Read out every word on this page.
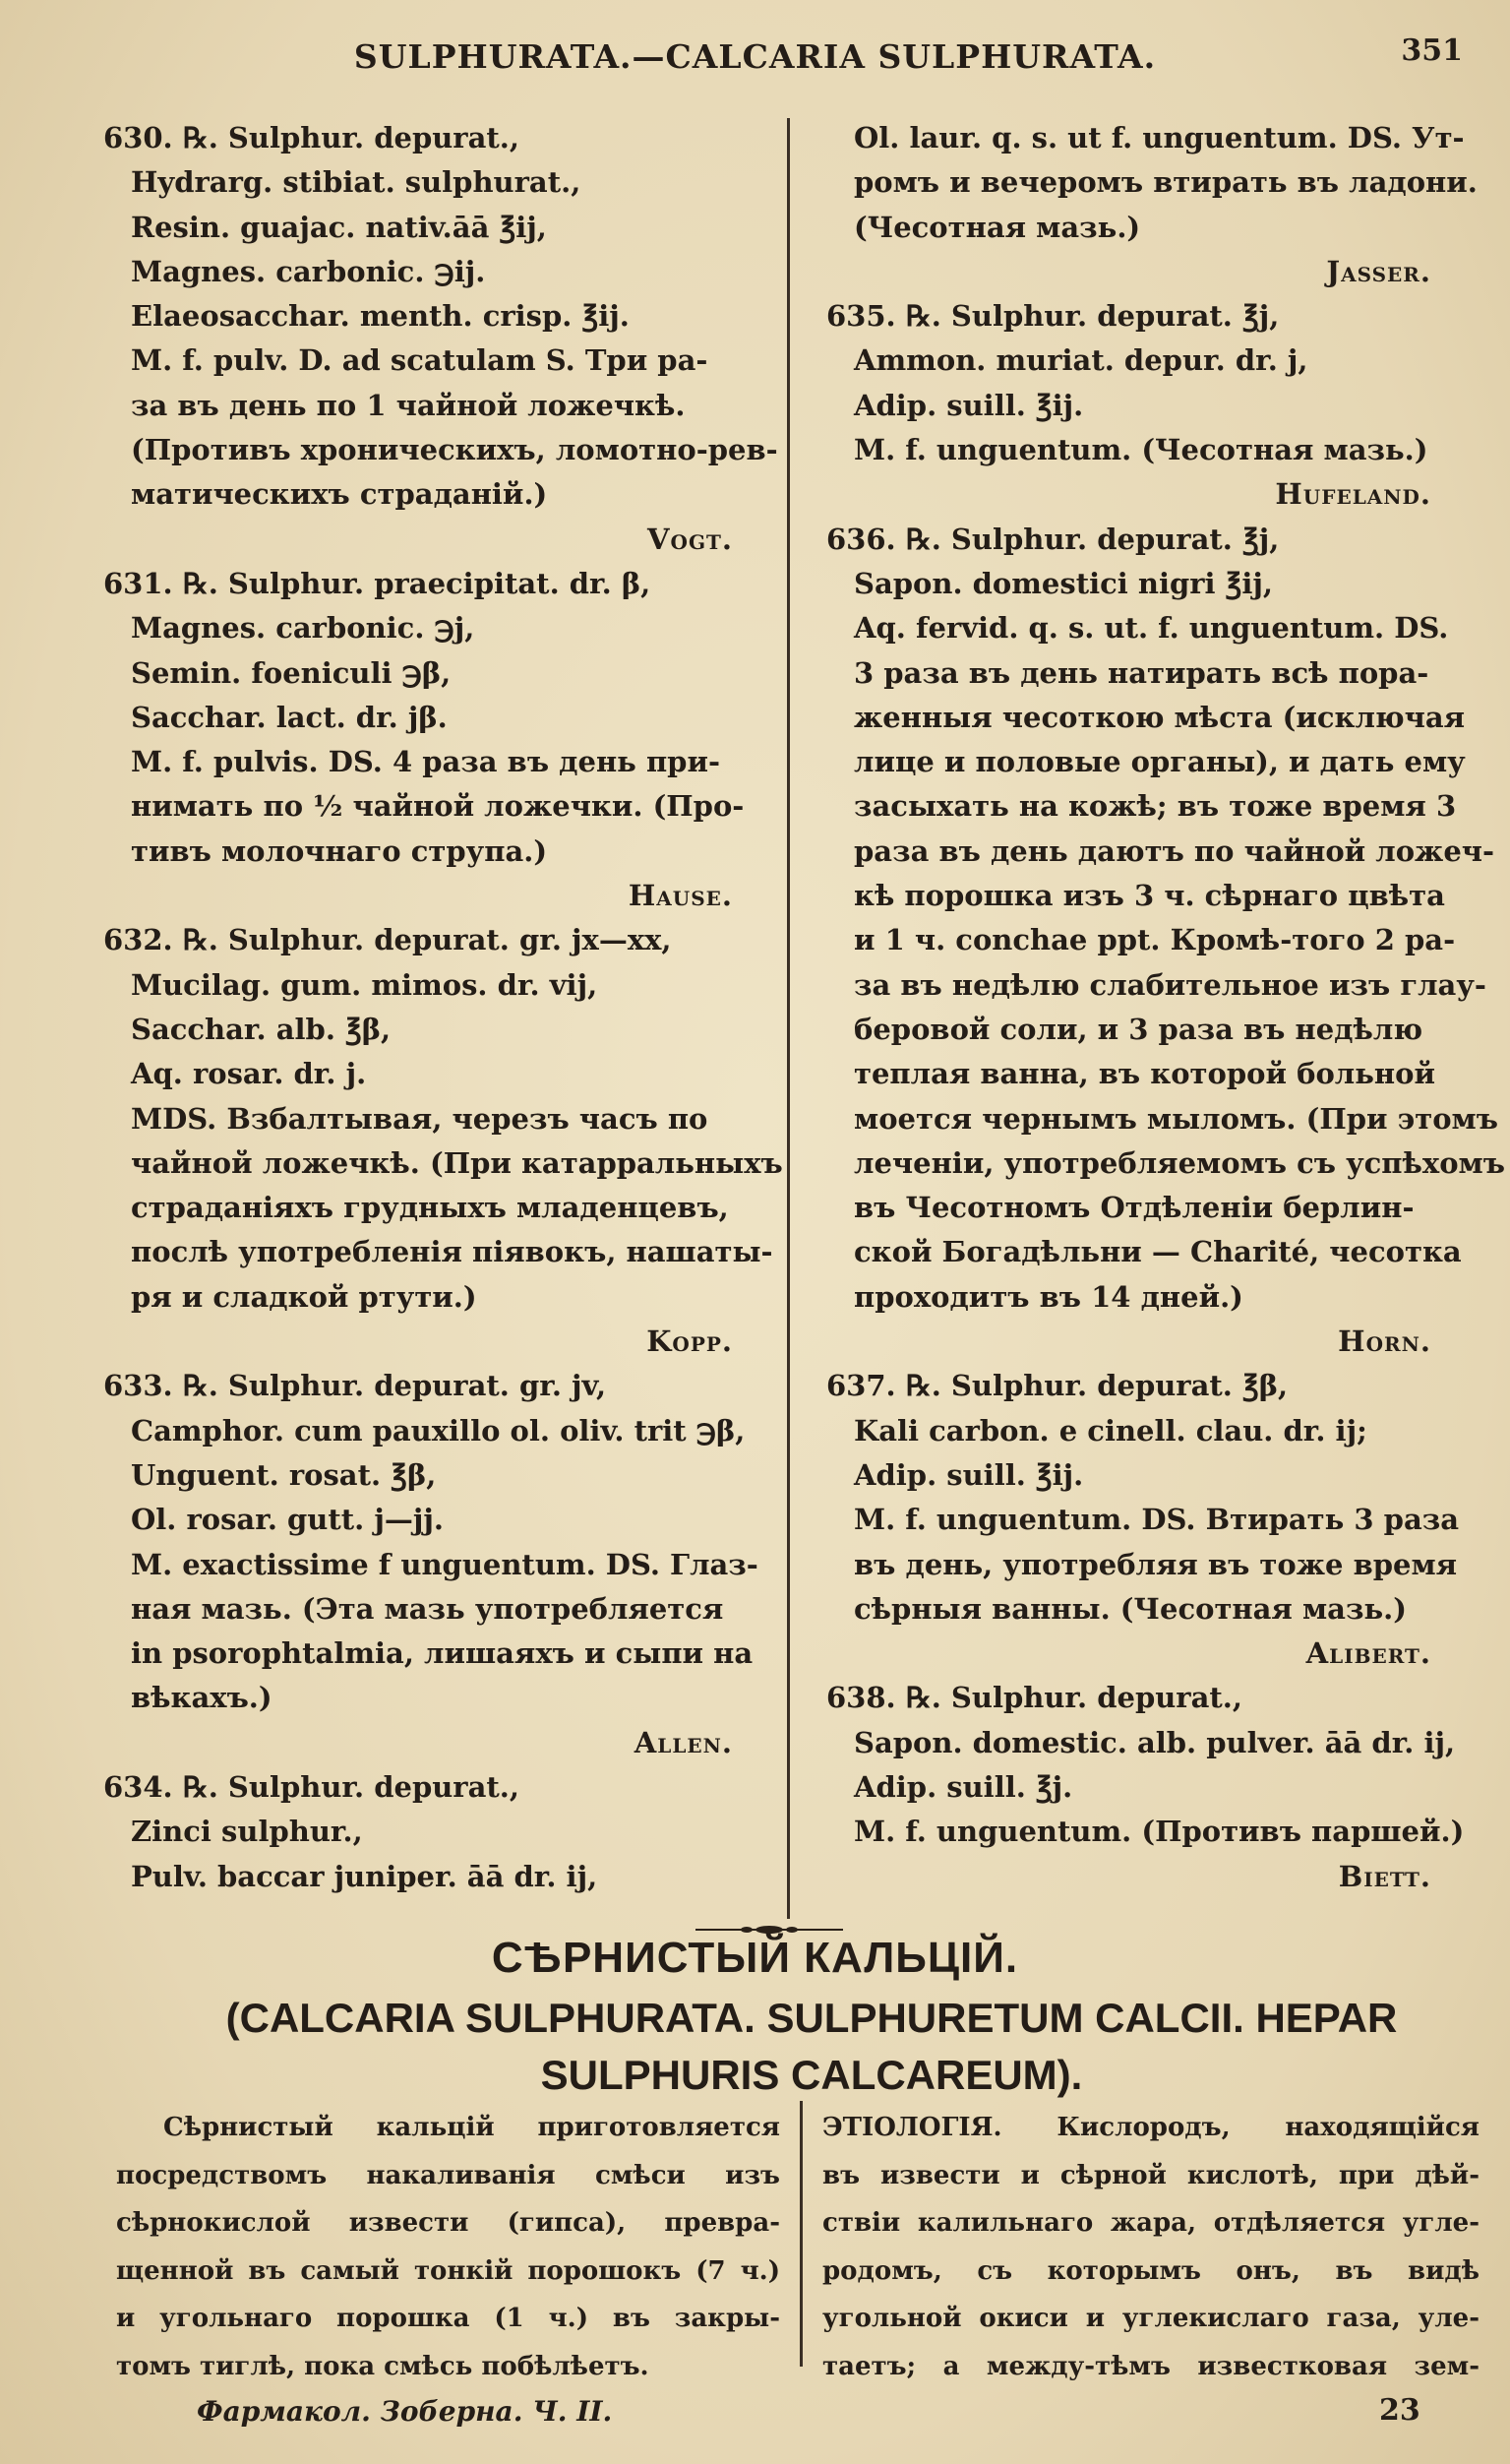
SULPHURATA.—CALCARIA SULPHURATA.	351
630. ℞. Sulphur. depurat.,
Hydrarg. stibiat. sulphurat.,
Resin. guajac. nativ.āā ℥ij,
Magnes. carbonic. ℈ij.
Elaeosacchar. menth. crisp. ℥ij.
M. f. pulv. D. ad scatulam S. Три ра-
за въ день по 1 чайной ложечкѣ.
(Противъ хроническихъ, ломотно-рев-
матическихъ страданiй.)
Vogt.
631. ℞. Sulphur. praecipitat. dr. β,
Magnes. carbonic. ℈j,
Semin. foeniculi ℈β,
Sacchar. lact. dr. jβ.
M. f. pulvis. DS. 4 раза въ день при-
нимать по ½ чайной ложечки. (Про-
тивъ молочнаго струпа.)
Hause.
632. ℞. Sulphur. depurat. gr. jx—xx,
Mucilag. gum. mimos. dr. vij,
Sacchar. alb. ℥β,
Aq. rosar. dr. j.
MDS. Взбалтывая, черезъ часъ по
чайной ложечкѣ. (При катарральныхъ
страданiяхъ грудныхъ младенцевъ,
послѣ употребленiя пiявокъ, нашаты-
ря и сладкой ртути.)
Kopp.
633. ℞. Sulphur. depurat. gr. jv,
Camphor. cum pauxillo ol. oliv. trit ℈β,
Unguent. rosat. ℥β,
Ol. rosar. gutt. j—jj.
M. exactissime f unguentum. DS. Глаз-
ная мазь. (Эта мазь употребляется
in psorophtalmia, лишаяхъ и сыпи на
вѣкахъ.)
Allen.
634. ℞. Sulphur. depurat.,
Zinci sulphur.,
Pulv. baccar juniper. āā dr. ij,
Ol. laur. q. s. ut f. unguentum. DS. Ут-
ромъ и вечеромъ втирать въ ладони.
(Чесотная мазь.)
Jasser.
635. ℞. Sulphur. depurat. ℥j,
Ammon. muriat. depur. dr. j,
Adip. suill. ℥ij.
M. f. unguentum. (Чесотная мазь.)
Hufeland.
636. ℞. Sulphur. depurat. ℥j,
Sapon. domestici nigri ℥ij,
Aq. fervid. q. s. ut. f. unguentum. DS.
3 раза въ день натирать всѣ пора-
женныя чесоткою мѣста (исключая
лице и половые органы), и дать ему
засыхать на кожѣ; въ тоже время 3
раза въ день даютъ по чайной ложеч-
кѣ порошка изъ 3 ч. сѣрнаго цвѣта
и 1 ч. conchae ppt. Кромѣ-того 2 ра-
за въ недѣлю слабительное изъ глау-
беровой соли, и 3 раза въ недѣлю
теплая ванна, въ которой больной
моется чернымъ мыломъ. (При этомъ
леченiи, употребляемомъ съ успѣхомъ
въ Чесотномъ Отдѣленiи берлин-
ской Богадѣльни — Charité, чесотка
проходитъ въ 14 дней.)
Horn.
637. ℞. Sulphur. depurat. ℥β,
Kali carbon. e cinell. clau. dr. ij;
Adip. suill. ℥ij.
M. f. unguentum. DS. Втирать 3 раза
въ день, употребляя въ тоже время
сѣрныя ванны. (Чесотная мазь.)
Alibert.
638. ℞. Sulphur. depurat.,
Sapon. domestic. alb. pulver. āā dr. ij,
Adip. suill. ℥j.
M. f. unguentum. (Противъ паршей.)
Biett.
СѢРНИСТЫЙ КАЛЬЦIЙ.
(CALCARIA SULPHURATA. SULPHURETUM CALCII. HEPAR
SULPHURIS CALCAREUM).
Сѣрнистый кальцiй приготовляется
посредствомъ накаливанiя смѣси изъ
сѣрнокислой извести (гипса), превра-
щенной въ самый тонкiй порошокъ (7 ч.)
и угольнаго порошка (1 ч.) въ закры-
томъ тиглѣ, пока смѣсь побѣлѣетъ.
ЭТIОЛОГIЯ. Кислородъ, находящiйся
въ извести и сѣрной кислотѣ, при дѣй-
ствiи калильнаго жара, отдѣляется угле-
родомъ, съ которымъ онъ, въ видѣ
угольной окиси и углекислаго газа, уле-
таетъ; а между-тѣмъ известковая зем-
Фармакол. Зоберна. Ч. II.	23
